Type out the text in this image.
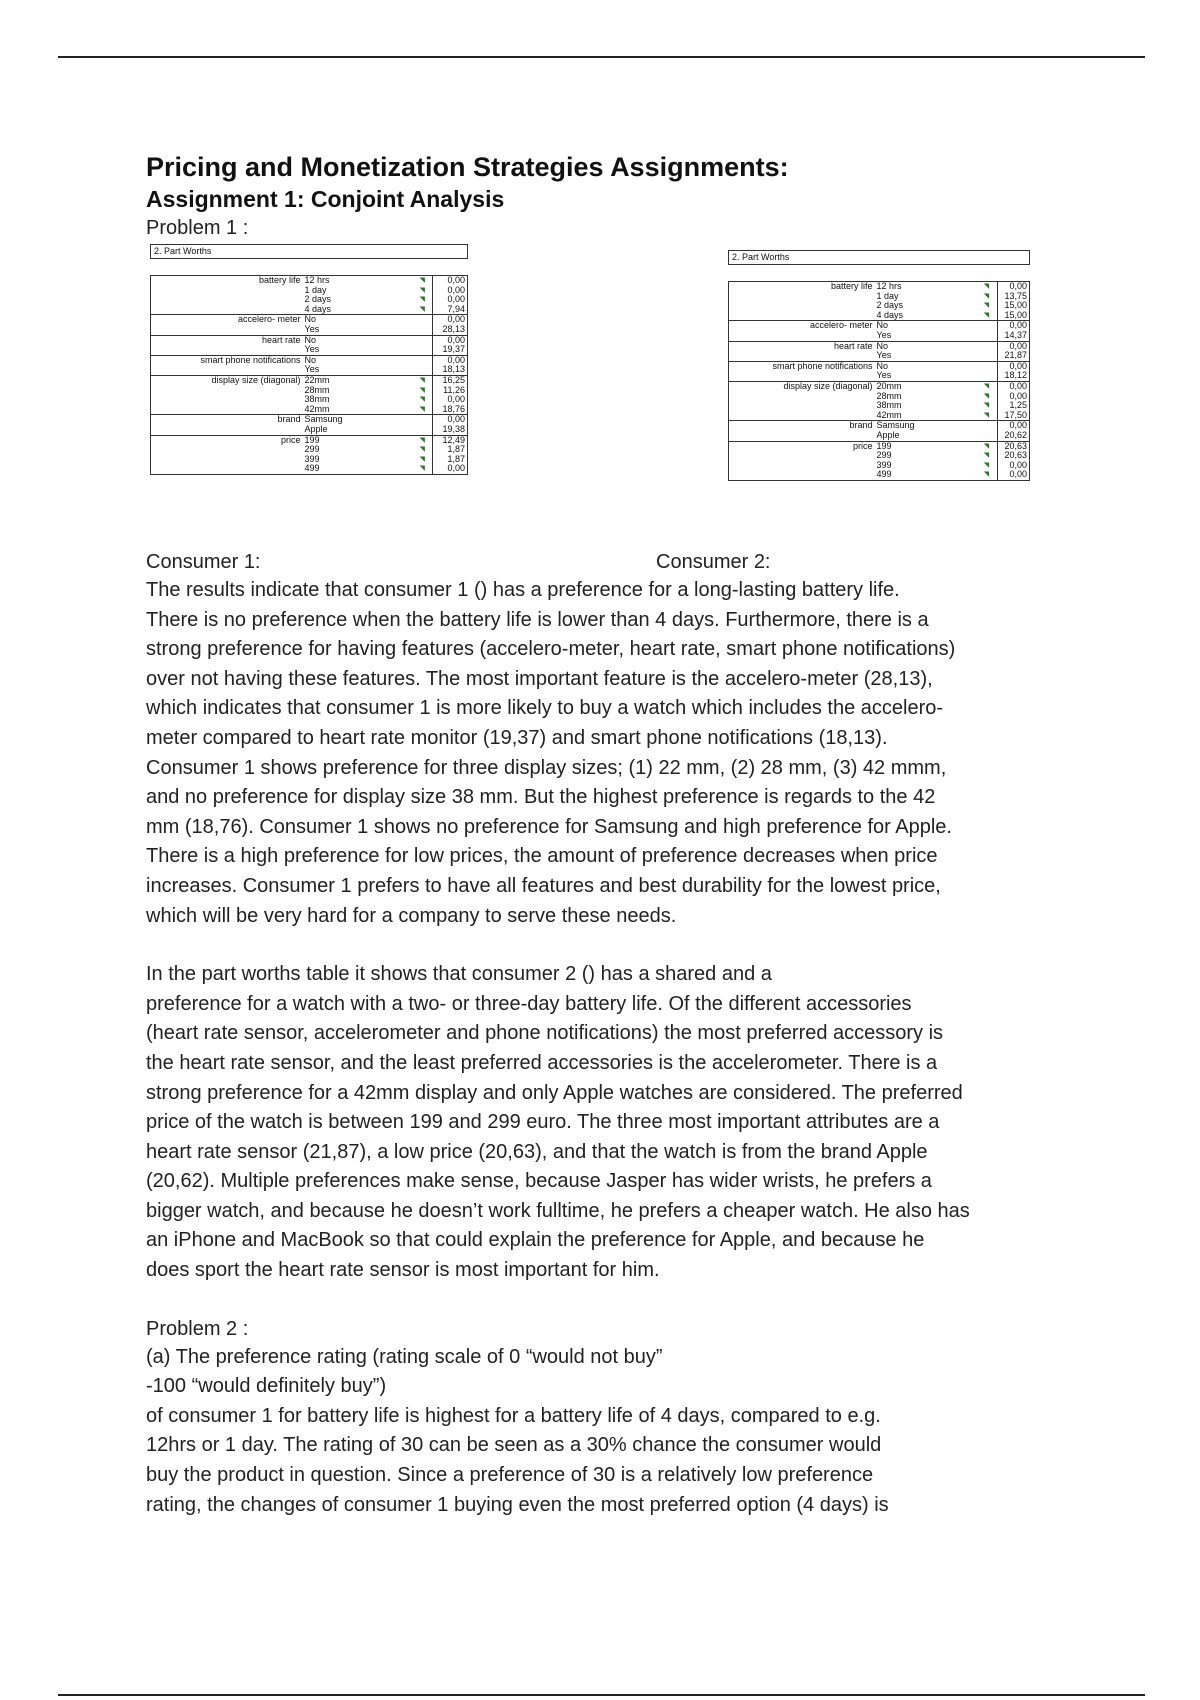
Pricing and Monetization Strategies Assignments:
Assignment 1: Conjoint Analysis
Problem 1 :
2. Part Worths
battery life 12 hrs	◥	0,00
1 day	◥	0,00
2 days	◥	0,00
4 days	◥	7,94
accelero- meter No	0,00
Yes	28,13
heart rate No	0,00
Yes	19,37
smart phone notifications No	0,00
Yes	18,13
display size (diagonal) 22mm	◥	16,25
28mm	◥	11,26
38mm	◥	0,00
42mm	◥	18,76
brand Samsung	0,00
Apple	19,38
price 199	◥	12,49
299	◥	1,87
399	◥	1,87
499	◥	0,00
2. Part Worths
battery life 12 hrs	◥	0,00
1 day	◥	13,75
2 days	◥	15,00
4 days	◥	15,00
accelero- meter No	0,00
Yes	14,37
heart rate No	0,00
Yes	21,87
smart phone notifications No	0,00
Yes	18,12
display size (diagonal) 20mm	◥	0,00
28mm	◥	0,00
38mm	◥	1,25
42mm	◥	17,50
brand Samsung	0,00
Apple	20,62
price 199	◥	20,63
299	◥	20,63
399	◥	0,00
499	◥	0,00
Consumer 1:	Consumer 2:

The results indicate that consumer 1 () has a preference for a long-lasting battery life.
There is no preference when the battery life is lower than 4 days. Furthermore, there is a
strong preference for having features (accelero-meter, heart rate, smart phone notifications)
over not having these features. The most important feature is the accelero-meter (28,13),
which indicates that consumer 1 is more likely to buy a watch which includes the accelero-
meter compared to heart rate monitor (19,37) and smart phone notifications (18,13).
Consumer 1 shows preference for three display sizes; (1) 22 mm, (2) 28 mm, (3) 42 mmm,
and no preference for display size 38 mm. But the highest preference is regards to the 42
mm (18,76). Consumer 1 shows no preference for Samsung and high preference for Apple.
There is a high preference for low prices, the amount of preference decreases when price
increases. Consumer 1 prefers to have all features and best durability for the lowest price,
which will be very hard for a company to serve these needs.

In the part worths table it shows that consumer 2 () has a shared and a
preference for a watch with a two- or three-day battery life. Of the different accessories
(heart rate sensor, accelerometer and phone notifications) the most preferred accessory is
the heart rate sensor, and the least preferred accessories is the accelerometer. There is a
strong preference for a 42mm display and only Apple watches are considered. The preferred
price of the watch is between 199 and 299 euro. The three most important attributes are a
heart rate sensor (21,87), a low price (20,63), and that the watch is from the brand Apple
(20,62). Multiple preferences make sense, because Jasper has wider wrists, he prefers a
bigger watch, and because he doesn’t work fulltime, he prefers a cheaper watch. He also has
an iPhone and MacBook so that could explain the preference for Apple, and because he
does sport the heart rate sensor is most important for him.

Problem 2 :

(a) The preference rating (rating scale of 0 “would not buy”
-100 “would definitely buy”)
of consumer 1 for battery life is highest for a battery life of 4 days, compared to e.g.
12hrs or 1 day. The rating of 30 can be seen as a 30% chance the consumer would
buy the product in question. Since a preference of 30 is a relatively low preference
rating, the changes of consumer 1 buying even the most preferred option (4 days) is
